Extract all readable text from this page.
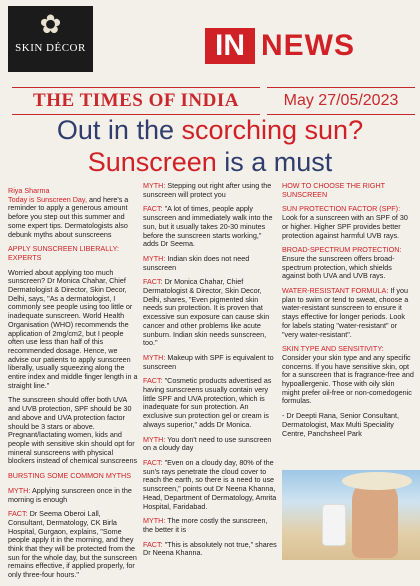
✿
SKIN DÉCOR	IN NEWS
THE TIMES OF INDIA	May 27/05/2023
Out in the scorching sun?
Sunscreen is a must

Riya Sharma
Today is Sunscreen Day, and here's a reminder to apply a generous amount before you step out this summer and some expert tips. Dermatologists also debunk myths about sunscreens

APPLY SUNSCREEN LIBERALLY: EXPERTS

Worried about applying too much sunscreen? Dr Monica Chahar, Chief Dermatologist & Director, Skin Decor, Delhi, says, "As a dermatologist, I commonly see people using too little or inadequate sunscreen. World Health Organisation (WHO) recommends the application of 2mg/cm2, but I people often use less than half of this recommended dosage. Hence, we advise our patients to apply sunscreen liberally, usually squeezing along the entire index and middle finger length in a straight line."

The sunscreen should offer both UVA and UVB protection, SPF should be 30 and above and UVA protection factor should be 3 stars or above. Pregnant/lactating women, kids and people with sensitive skin should opt for mineral sunscreens with physical blockers instead of chemical sunscreens

BURSTING SOME COMMON MYTHS

MYTH: Applying sunscreen once in the morning is enough

FACT: Dr Seema Oberoi Lall, Consultant, Dermatology, CK Birla Hospital, Gurgaon, explains, "Some people apply it in the morning, and they think that they will be protected from the sun for the whole day, but the sunscreen remains effective, if applied properly, for only three-four hours."

MYTH: Stepping out right after using the sunscreen will protect you

FACT: "A lot of times, people apply sunscreen and immediately walk into the sun, but it usually takes 20-30 minutes before the sunscreen starts working," adds Dr Seema.

MYTH: Indian skin does not need sunscreen

FACT: Dr Monica Chahar, Chief Dermatologist & Director, Skin Decor, Delhi, shares, "Even pigmented skin needs sun protection. It is proven that excessive sun exposure can cause skin cancer and other problems like acute sunburn. Indian skin needs sunscreen, too."

MYTH: Makeup with SPF is equivalent to sunscreen

FACT: "Cosmetic products advertised as having sunscreens usually contain very little SPF and UVA protection, which is inadequate for sun protection. An exclusive sun protection gel or cream is always superior," adds Dr Monica.

MYTH: You don't need to use sunscreen on a cloudy day

FACT: "Even on a cloudy day, 80% of the sun's rays penetrate the cloud cover to reach the earth, so there is a need to use sunscreen," points out Dr Neena Khanna, Head, Department of Dermatology, Amrita Hospital, Faridabad.

MYTH: The more costly the sunscreen, the better it is

FACT: "This is absolutely not true," shares Dr Neena Khanna.

HOW TO CHOOSE THE RIGHT SUNSCREEN

SUN PROTECTION FACTOR (SPF):
Look for a sunscreen with an SPF of 30 or higher. Higher SPF provides better protection against harmful UVB rays.

BROAD-SPECTRUM PROTECTION:
Ensure the sunscreen offers broad-spectrum protection, which shields against both UVA and UVB rays.

WATER-RESISTANT FORMULA: If you plan to swim or tend to sweat, choose a water-resistant sunscreen to ensure it stays effective for longer periods. Look for labels stating "water-resistant" or "very water-resistant".

SKIN TYPE AND SENSITIVITY: Consider your skin type and any specific concerns. If you have sensitive skin, opt for a sunscreen that is fragrance-free and hypoallergenic. Those with oily skin might prefer oil-free or non-comedogenic formulas.

- Dr Deepti Rana, Senior Consultant, Dermatologist, Max Multi Speciality Centre, Panchsheel Park
